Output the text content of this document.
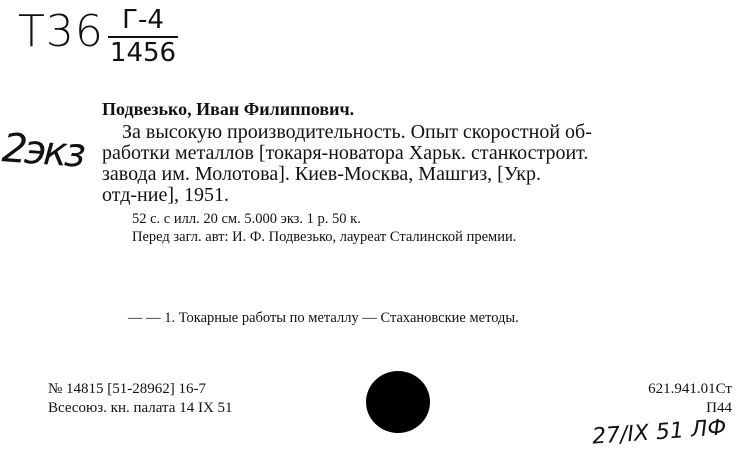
Т36 Г-4
1456
2экз
Подвезько, Иван Филиппович.
За высокую производительность. Опыт скоростной об-
работки металлов [токаря-новатора Харьк. станкостроит.
завода им. Молотова]. Киев-Москва, Машгиз, [Укр.
отд-ние], 1951.
52 с. с илл. 20 см. 5.000 экз. 1 р. 50 к.
Перед загл. авт: И. Ф. Подвезько, лауреат Сталинской премии.
— — 1. Токарные работы по металлу — Стахановские методы.
№ 14815 [51-28962] 16-7
Всесоюз. кн. палата 14 IX 51
621.941.01Ст
П44
27/IX 51 ЛФ
